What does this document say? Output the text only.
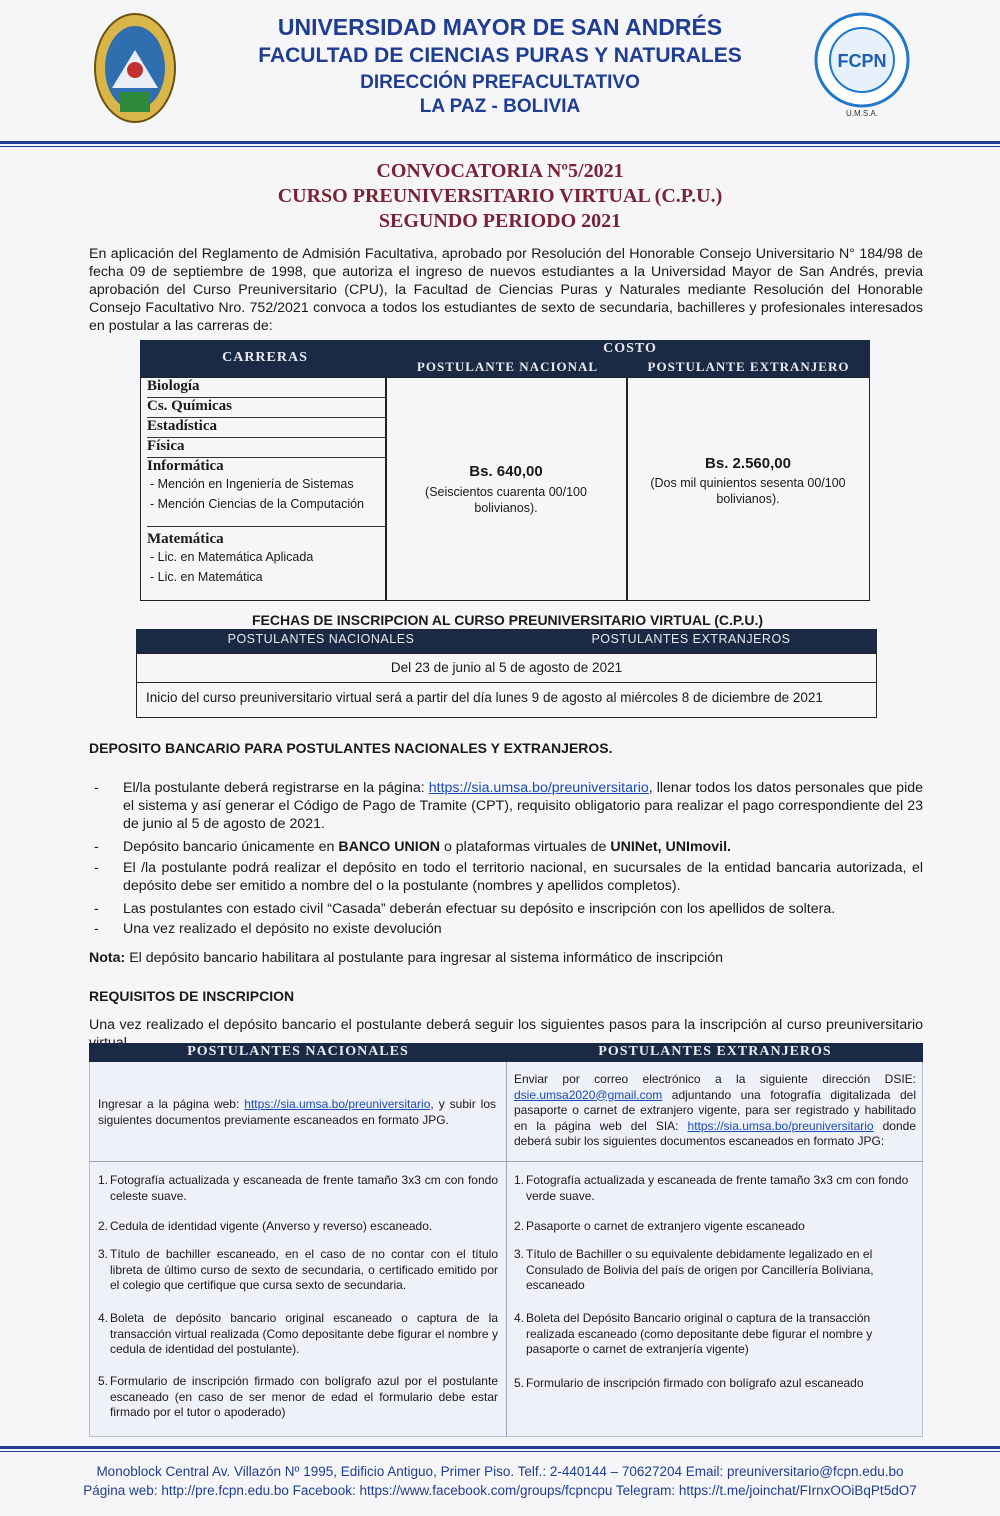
FCPN
U.M.S.A.
UNIVERSIDAD MAYOR DE SAN ANDRÉS
FACULTAD DE CIENCIAS PURAS Y NATURALES
DIRECCIÓN PREFACULTATIVO
LA PAZ - BOLIVIA
CONVOCATORIA Nº5/2021
CURSO PREUNIVERSITARIO VIRTUAL (C.P.U.)
SEGUNDO PERIODO 2021
En aplicación del Reglamento de Admisión Facultativa, aprobado por Resolución del Honorable Consejo Universitario N° 184/98 de fecha 09 de septiembre de 1998, que autoriza el ingreso de nuevos estudiantes a la Universidad Mayor de San Andrés, previa aprobación del Curso Preuniversitario (CPU), la Facultad de Ciencias Puras y Naturales mediante Resolución del Honorable Consejo Facultativo Nro. 752/2021 convoca a todos los estudiantes de sexto de secundaria, bachilleres y profesionales interesados en postular a las carreras de:
CARRERAS
COSTO
POSTULANTE NACIONAL	POSTULANTE EXTRANJERO
Biología
Cs. Químicas
Estadística
Física
Informática
- Mención en Ingeniería de Sistemas
- Mención Ciencias de la Computación
Matemática
- Lic. en Matemática Aplicada
- Lic. en Matemática
Bs. 640,00
(Seiscientos cuarenta 00/100 bolivianos).
Bs. 2.560,00
(Dos mil quinientos sesenta 00/100 bolivianos).
FECHAS DE INSCRIPCION AL CURSO PREUNIVERSITARIO VIRTUAL (C.P.U.)
POSTULANTES NACIONALES	POSTULANTES EXTRANJEROS
Del 23 de junio al 5 de agosto de 2021
Inicio del curso preuniversitario virtual será a partir del día lunes 9 de agosto al miércoles 8 de diciembre de 2021
DEPOSITO BANCARIO PARA POSTULANTES NACIONALES Y EXTRANJEROS.
- El/la postulante deberá registrarse en la página: https://sia.umsa.bo/preuniversitario, llenar todos los datos personales que pide el sistema y así generar el Código de Pago de Tramite (CPT), requisito obligatorio para realizar el pago correspondiente del 23 de junio al 5 de agosto de 2021.
- Depósito bancario únicamente en BANCO UNION o plataformas virtuales de UNINet, UNImovil.
- El /la postulante podrá realizar el depósito en todo el territorio nacional, en sucursales de la entidad bancaria autorizada, el depósito debe ser emitido a nombre del o la postulante (nombres y apellidos completos).
- Las postulantes con estado civil “Casada” deberán efectuar su depósito e inscripción con los apellidos de soltera.
- Una vez realizado el depósito no existe devolución
Nota: El depósito bancario habilitara al postulante para ingresar al sistema informático de inscripción
REQUISITOS DE INSCRIPCION
Una vez realizado el depósito bancario el postulante deberá seguir los siguientes pasos para la inscripción al curso preuniversitario
POSTULANTES NACIONALES	POSTULANTES EXTRANJEROS
Ingresar a la página web: https://sia.umsa.bo/preuniversitario, y subir los siguientes documentos previamente escaneados en formato JPG.
Enviar por correo electrónico a la siguiente dirección DSIE: dsie.umsa2020@gmail.com adjuntando una fotografía digitalizada del pasaporte o carnet de extranjero vigente, para ser registrado y habilitado en la página web del SIA: https://sia.umsa.bo/preuniversitario donde deberá subir los siguientes documentos escaneados en formato JPG:
1. Fotografía actualizada y escaneada de frente tamaño 3x3 cm con fondo celeste suave.
2. Cedula de identidad vigente (Anverso y reverso) escaneado.
3. Título de bachiller escaneado, en el caso de no contar con el título libreta de último curso de sexto de secundaria, o certificado emitido por el colegio que certifique que cursa sexto de secundaria.
4. Boleta de depósito bancario original escaneado o captura de la transacción virtual realizada (Como depositante debe figurar el nombre y cedula de identidad del postulante).
5. Formulario de inscripción firmado con bolígrafo azul por el postulante escaneado (en caso de ser menor de edad el formulario debe estar firmado por el tutor o apoderado)
1. Fotografía actualizada y escaneada de frente tamaño 3x3 cm con fondo verde suave.
2. Pasaporte o carnet de extranjero vigente escaneado
3. Título de Bachiller o su equivalente debidamente legalizado en el Consulado de Bolivia del país de origen por Cancillería Boliviana, escaneado
4. Boleta del Depósito Bancario original o captura de la transacción realizada escaneado (como depositante debe figurar el nombre y pasaporte o carnet de extranjería vigente)
5. Formulario de inscripción firmado con bolígrafo azul escaneado
Monoblock Central Av. Villazón Nº 1995, Edificio Antiguo, Primer Piso. Telf.: 2-440144 – 70627204 Email: preuniversitario@fcpn.edu.bo
Página web: http://pre.fcpn.edu.bo Facebook: https://www.facebook.com/groups/fcpncpu Telegram: https://t.me/joinchat/FIrnxOOiBqPt5dO7
